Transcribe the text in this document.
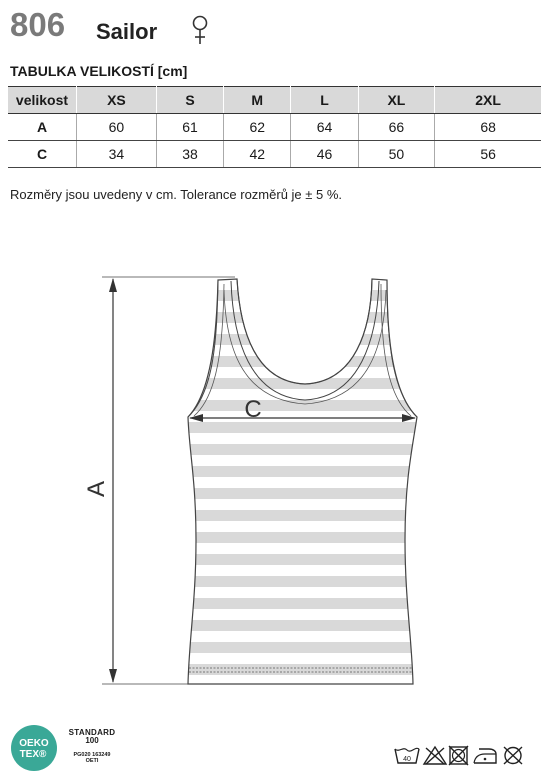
806 Sailor
TABULKA VELIKOSTÍ [cm]
velikost	XS	S	M	L	XL	2XL
A	60	61	62	64	66	68
C	34	38	42	46	50	56
Rozměry jsou uvedeny v cm. Tolerance rozměrů je ± 5 %.
A
C
OEKO
TEX®
STANDARD
100
PG020 163249
OETI	40
